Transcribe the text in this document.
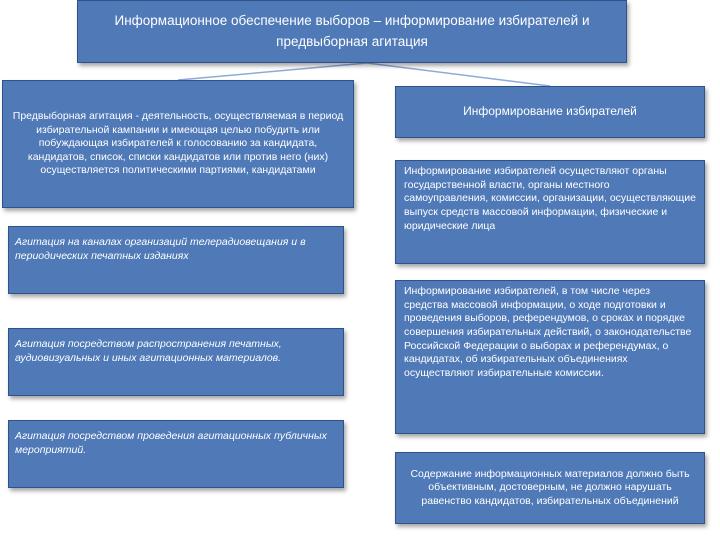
Информационное обеспечение выборов – информирование избирателей и предвыборная агитация
Предвыборная агитация - деятельность, осуществляемая в период избирательной кампании и имеющая целью побудить или побуждающая избирателей к голосованию за кандидата, кандидатов, список, списки кандидатов или против него (них) осуществляется политическими партиями, кандидатами
Агитация на каналах организаций телерадиовещания и в периодических печатных изданиях
Агитация посредством распространения печатных, аудиовизуальных и иных агитационных материалов.
Агитация посредством проведения агитационных публичных мероприятий.
Информирование избирателей
Информирование избирателей осуществляют органы государственной власти, органы местного самоуправления, комиссии, организации, осуществляющие выпуск средств массовой информации, физические и юридические лица
Информирование избирателей, в том числе через средства массовой информации, о ходе подготовки и проведения выборов, референдумов, о сроках и порядке совершения избирательных действий, о законодательстве Российской Федерации о выборах и референдумах, о кандидатах, об избирательных объединениях осуществляют избирательные комиссии.
Содержание информационных материалов должно быть объективным, достоверным, не должно нарушать равенство кандидатов, избирательных объединений
